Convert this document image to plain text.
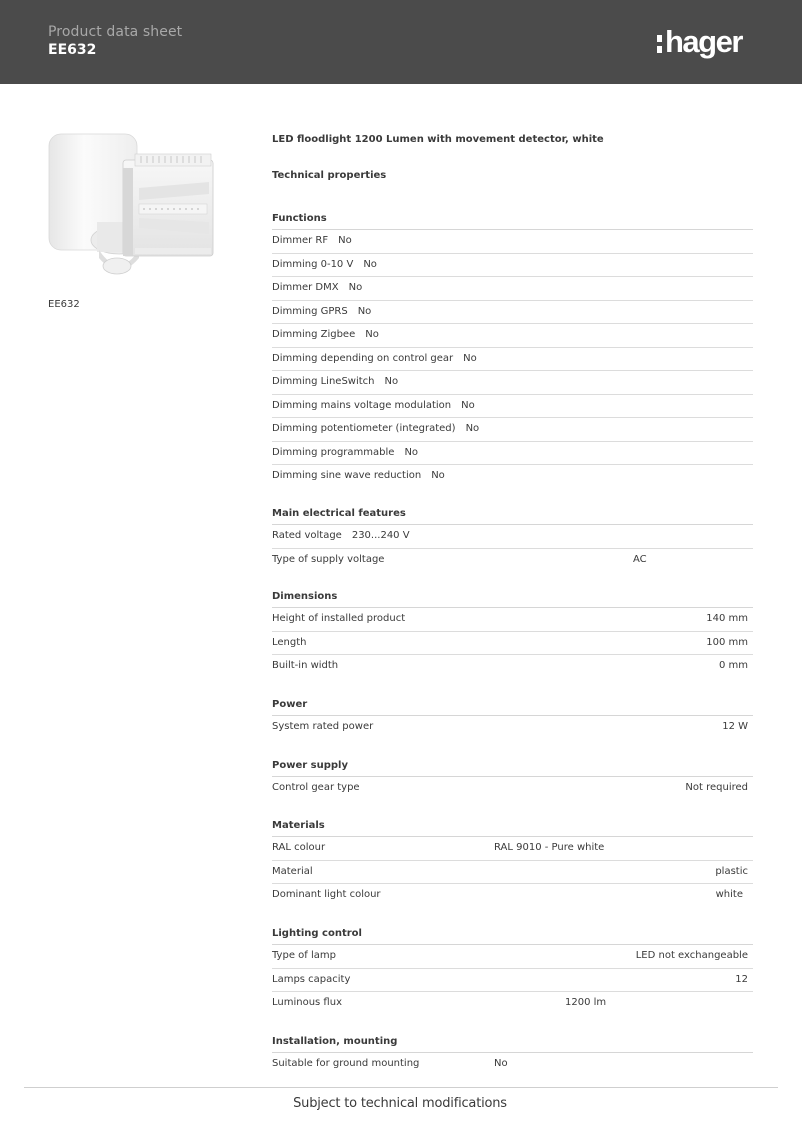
Product data sheet
EE632	hager
EE632
LED floodlight 1200 Lumen with movement detector, white
Technical properties
Functions
Dimmer RF No
Dimming 0-10 V No
Dimmer DMX No
Dimming GPRS No
Dimming Zigbee No
Dimming depending on control gear No
Dimming LineSwitch No
Dimming mains voltage modulation No
Dimming potentiometer (integrated) No
Dimming programmable No
Dimming sine wave reduction No
Main electrical features
Rated voltage 230...240 V
Type of supply voltage	AC
Dimensions
Height of installed product	140 mm
Length	100 mm
Built-in width	0 mm
Power
System rated power	12 W
Power supply
Control gear type	Not required
Materials
RAL colour	RAL 9010 - Pure white
Material	plastic
Dominant light colour	white
Lighting control
Type of lamp	LED not exchangeable
Lamps capacity	12
Luminous flux	1200 lm
Installation, mounting
Suitable for ground mounting	No
Subject to technical modifications
